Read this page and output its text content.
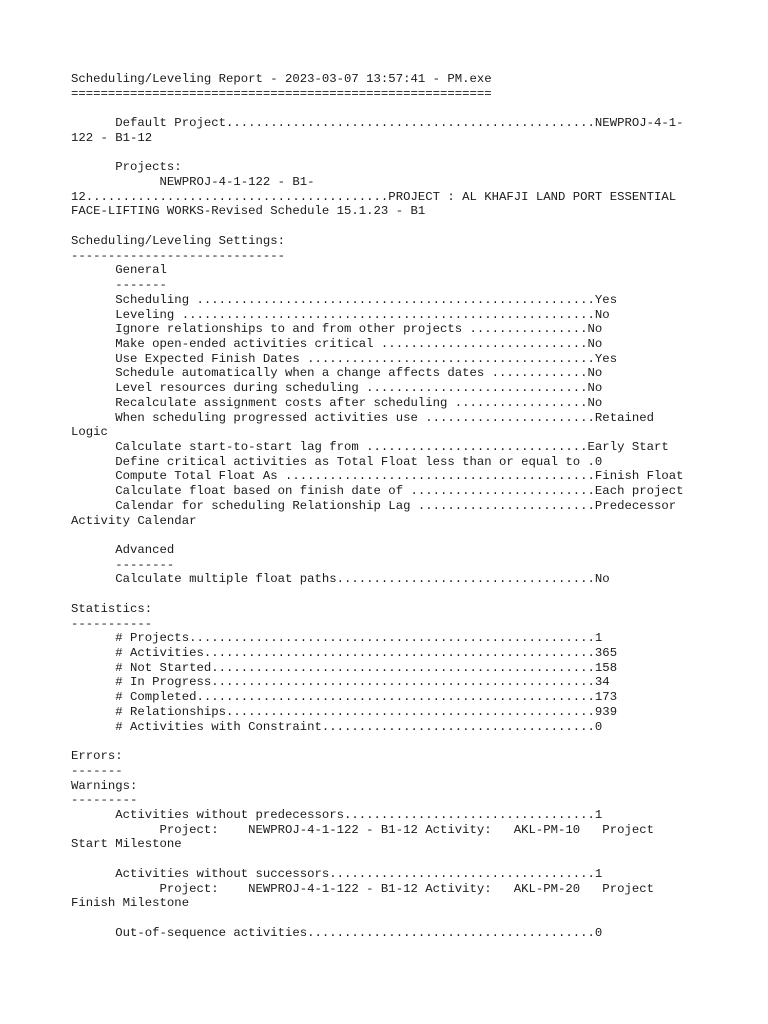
Scheduling/Leveling Report - 2023-03-07 13:57:41 - PM.exe
=========================================================
Default Project..................................................NEWPROJ-4-1-
122 - B1-12
Projects:
NEWPROJ-4-1-122 - B1-
12.........................................PROJECT : AL KHAFJI LAND PORT ESSENTIAL
FACE-LIFTING WORKS-Revised Schedule 15.1.23 - B1
Scheduling/Leveling Settings:
-----------------------------
General
-------
Scheduling ......................................................Yes
Leveling ........................................................No
Ignore relationships to and from other projects ................No
Make open-ended activities critical ............................No
Use Expected Finish Dates .......................................Yes
Schedule automatically when a change affects dates .............No
Level resources during scheduling ..............................No
Recalculate assignment costs after scheduling ..................No
When scheduling progressed activities use .......................Retained
Logic
Calculate start-to-start lag from ..............................Early Start
Define critical activities as Total Float less than or equal to .0
Compute Total Float As ..........................................Finish Float
Calculate float based on finish date of .........................Each project
Calendar for scheduling Relationship Lag ........................Predecessor
Activity Calendar
Advanced
--------
Calculate multiple float paths...................................No
Statistics:
-----------
# Projects.......................................................1
# Activities.....................................................365
# Not Started....................................................158
# In Progress....................................................34
# Completed......................................................173
# Relationships..................................................939
# Activities with Constraint.....................................0
Errors:
-------
Warnings:
---------
Activities without predecessors..................................1
Project:    NEWPROJ-4-1-122 - B1-12 Activity:   AKL-PM-10   Project
Start Milestone
Activities without successors....................................1
Project:    NEWPROJ-4-1-122 - B1-12 Activity:   AKL-PM-20   Project
Finish Milestone
Out-of-sequence activities.......................................0
